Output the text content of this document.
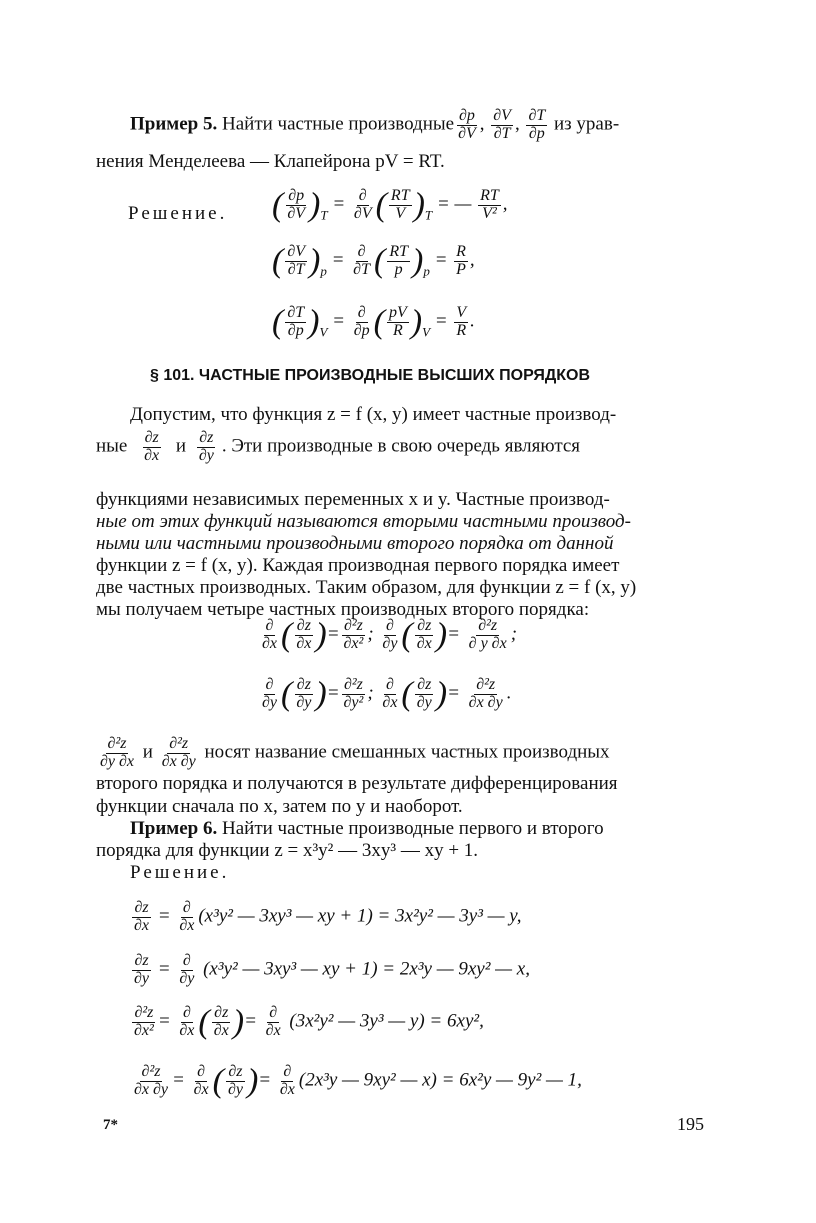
Пример 5. Найти частные производные $\frac{\partial p}{\partial V}$ , $\frac{\partial V}{\partial T}$ , $\frac{\partial T}{\partial p}$ из урав-
нения Менделеева — Клапейрона pV = RT.
Решение. ( $\frac{\partial p}{\partial V} )_T = \frac{\partial}{\partial V}$ ( $\frac{RT}{V} )_T$ = — $\frac{RT}{\text{V²}}$ ,
( $\frac{\partial V}{\partial T} )_p = \frac{\partial}{\partial T}$ ( $\frac{RT}{p} )_p = \frac{R}{P}$ ,
( $\frac{\partial T}{\partial p} )_V = \frac{\partial}{\partial p}$ ( $\frac{pV}{R} )_V = \frac{V}{R}$ .
§ 101. ЧАСТНЫЕ ПРОИЗВОДНЫЕ ВЫСШИХ ПОРЯДКОВ
Допустим, что функция z = f (x, y) имеет частные производ-
ные $\frac{\partial z}{\partial x}$ и $\frac{\partial z}{\partial y}$ . Эти производные в свою очередь являются
функциями независимых переменных x и y. Частные производ-
ные от этих функций называются вторыми частными производ-
ными или частными производными второго порядка от данной
функции z = f (x, y). Каждая производная первого порядка имеет
две частных производных. Таким образом, для функции z = f (x, y)
мы получаем четыре частных производных второго порядка:
$\frac{\partial}{\partial x}$ ( $\frac{\partial z}{\partial x}$ )= $\frac{\text{∂²z}}{\text{∂x²}}$ ; $\frac{\partial}{\partial y}$ ( $\frac{\partial z}{\partial x}$ )= $\frac{\text{∂²z}}{\partial y \partial x}$ ;
$\frac{\partial}{\partial y}$ ( $\frac{\partial z}{\partial y}$ )= $\frac{\text{∂²z}}{\text{∂y²}}$ ; $\frac{\partial}{\partial x}$ ( $\frac{\partial z}{\partial y}$ )= $\frac{\text{∂²z}}{\partial x \partial y}$ .
$\frac{\text{∂²z}}{\partial y \partial x}$ и $\frac{\text{∂²z}}{\partial x \partial y}$ носят название смешанных частных производных
второго порядка и получаются в результате дифференцирования
функции сначала по x, затем по y и наоборот.
Пример 6. Найти частные производные первого и второго
порядка для функции z = x³y² — 3xy³ — xy + 1.
Решение.
$\frac{\partial z}{\partial x} = \frac{\partial}{\partial x} (x^3y^2$ — 3xy³ — xy + 1) = 3x²y² — 3y³ — y,
$\frac{\partial z}{\partial y} = \frac{\partial}{\partial y} (x^3y^2$ — 3xy³ — xy + 1) = 2x³y — 9xy² — x,
$\frac{\text{∂²z}}{\text{∂x²}} = \frac{\partial}{\partial x}$ ( $\frac{\partial z}{\partial x}$ )= $\frac{\partial}{\partial x} (3x^2y^2$ — 3y³ — y) = 6xy²,
$\frac{\text{∂²z}}{\partial x \partial y} = \frac{\partial}{\partial x}$ ( $\frac{\partial z}{\partial y}$ )= $\frac{\partial}{\partial x} (2x^3y$ — 9xy² — x) = 6x²y — 9y² — 1,
7*	195
